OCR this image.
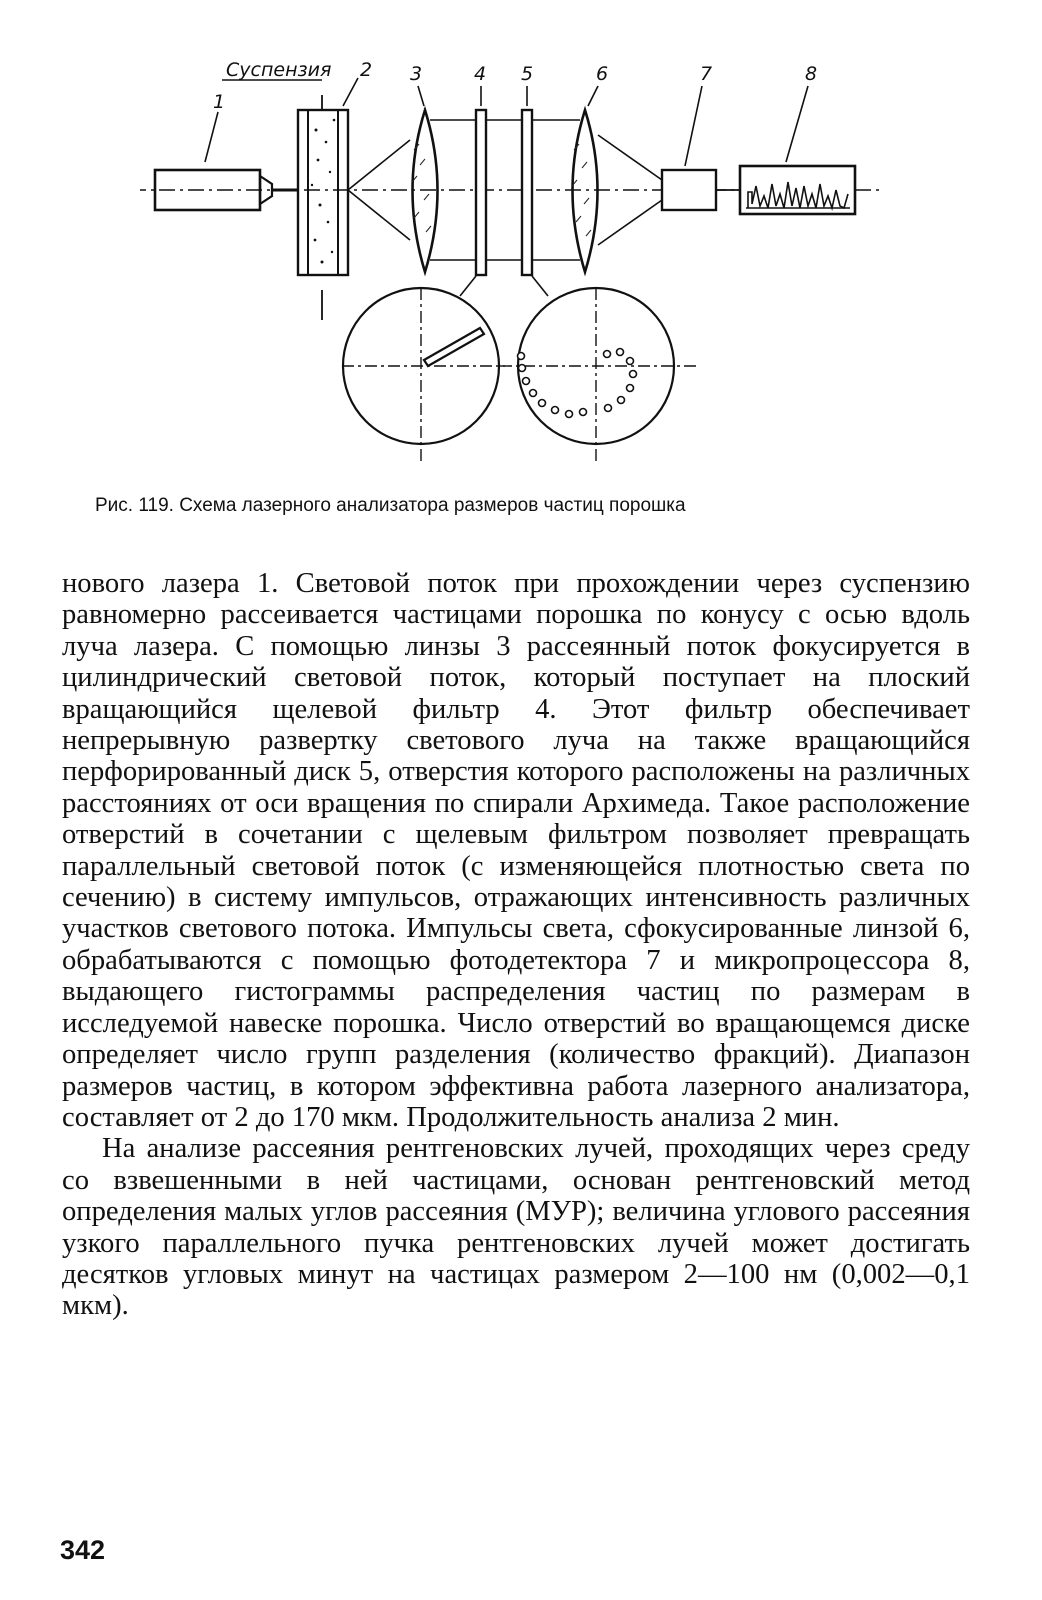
Суспензия
1
2 3	4 5	6	7	8
Рис. 119. Схема лазерного анализатора размеров частиц порошка

нового лазера 1. Световой поток при прохождении через суспензию равномерно рассеивается частицами порошка по конусу с осью вдоль луча лазера. С помощью линзы 3 рассеянный поток фокусируется в цилиндрический световой поток, который поступает на плоский вращающийся щелевой фильтр 4. Этот фильтр обеспечивает непрерывную развертку светового луча на также вращающийся перфорированный диск 5, отверстия которого расположены на различных расстояниях от оси вращения по спирали Архимеда. Такое расположение отверстий в сочетании с щелевым фильтром позволяет превращать параллельный световой поток (с изменяющейся плотностью света по сечению) в систему импульсов, отражающих интенсивность различных участков светового потока. Импульсы света, сфокусированные линзой 6, обрабатываются с помощью фотодетектора 7 и микропроцессора 8, выдающего гистограммы распределения частиц по размерам в исследуемой навеске порошка. Число отверстий во вращающемся диске определяет число групп разделения (количество фракций). Диапазон размеров частиц, в котором эффективна работа лазерного анализатора, составляет от 2 до 170 мкм. Продолжительность анализа 2 мин.

На анализе рассеяния рентгеновских лучей, проходящих через среду со взвешенными в ней частицами, основан рентгеновский метод определения малых углов рассеяния (МУР); величина углового рассеяния узкого параллельного пучка рентгеновских лучей может достигать десятков угловых минут на частицах размером 2—100 нм (0,002—0,1 мкм).

342
